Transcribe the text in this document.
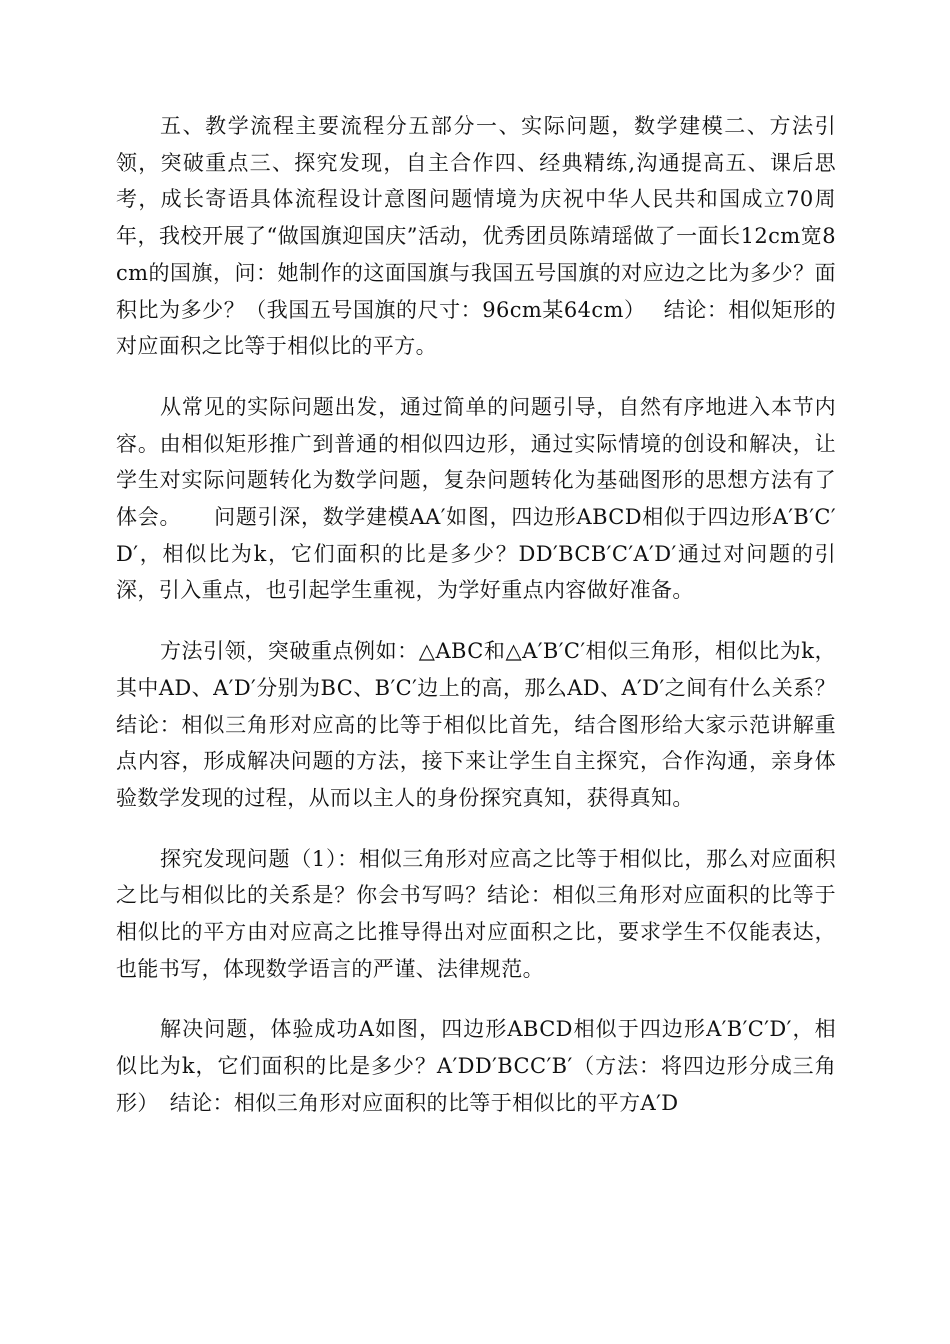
五、教学流程主要流程分五部分一、实际问题，数学建模二、方法引领，突破重点三、探究发现，自主合作四、经典精练,沟通提高五、课后思考，成长寄语具体流程设计意图问题情境为庆祝中华人民共和国成立70周年，我校开展了“做国旗迎国庆”活动，优秀团员陈靖瑶做了一面长12cm宽8cm的国旗，问：她制作的这面国旗与我国五号国旗的对应边之比为多少？面积比为多少？（我国五号国旗的尺寸：96cm某64cm）　 结论：相似矩形的对应面积之比等于相似比的平方。

从常见的实际问题出发，通过简单的问题引导，自然有序地进入本节内容。由相似矩形推广到普通的相似四边形，通过实际情境的创设和解决，让学生对实际问题转化为数学问题，复杂问题转化为基础图形的思想方法有了体会。　　问题引深，数学建模AA′如图，四边形ABCD相似于四边形A′B′C′D′，相似比为k，它们面积的比是多少？DD′BCB′C′A′D′通过对问题的引深，引入重点，也引起学生重视，为学好重点内容做好准备。

方法引领，突破重点例如：△ABC和△A′B′C′相似三角形，相似比为k，其中AD、A′D′分别为BC、B′C′边上的高，那么AD、A′D′之间有什么关系？结论：相似三角形对应高的比等于相似比首先，结合图形给大家示范讲解重点内容，形成解决问题的方法，接下来让学生自主探究，合作沟通，亲身体验数学发现的过程，从而以主人的身份探究真知，获得真知。

探究发现问题（1）：相似三角形对应高之比等于相似比，那么对应面积之比与相似比的关系是？你会书写吗？结论：相似三角形对应面积的比等于相似比的平方由对应高之比推导得出对应面积之比，要求学生不仅能表达，也能书写，体现数学语言的严谨、法律规范。

解决问题，体验成功A如图，四边形ABCD相似于四边形A′B′C′D′，相似比为k，它们面积的比是多少？A′DD′BCC′B′（方法：将四边形分成三角形）　结论：相似三角形对应面积的比等于相似比的平方A′D
